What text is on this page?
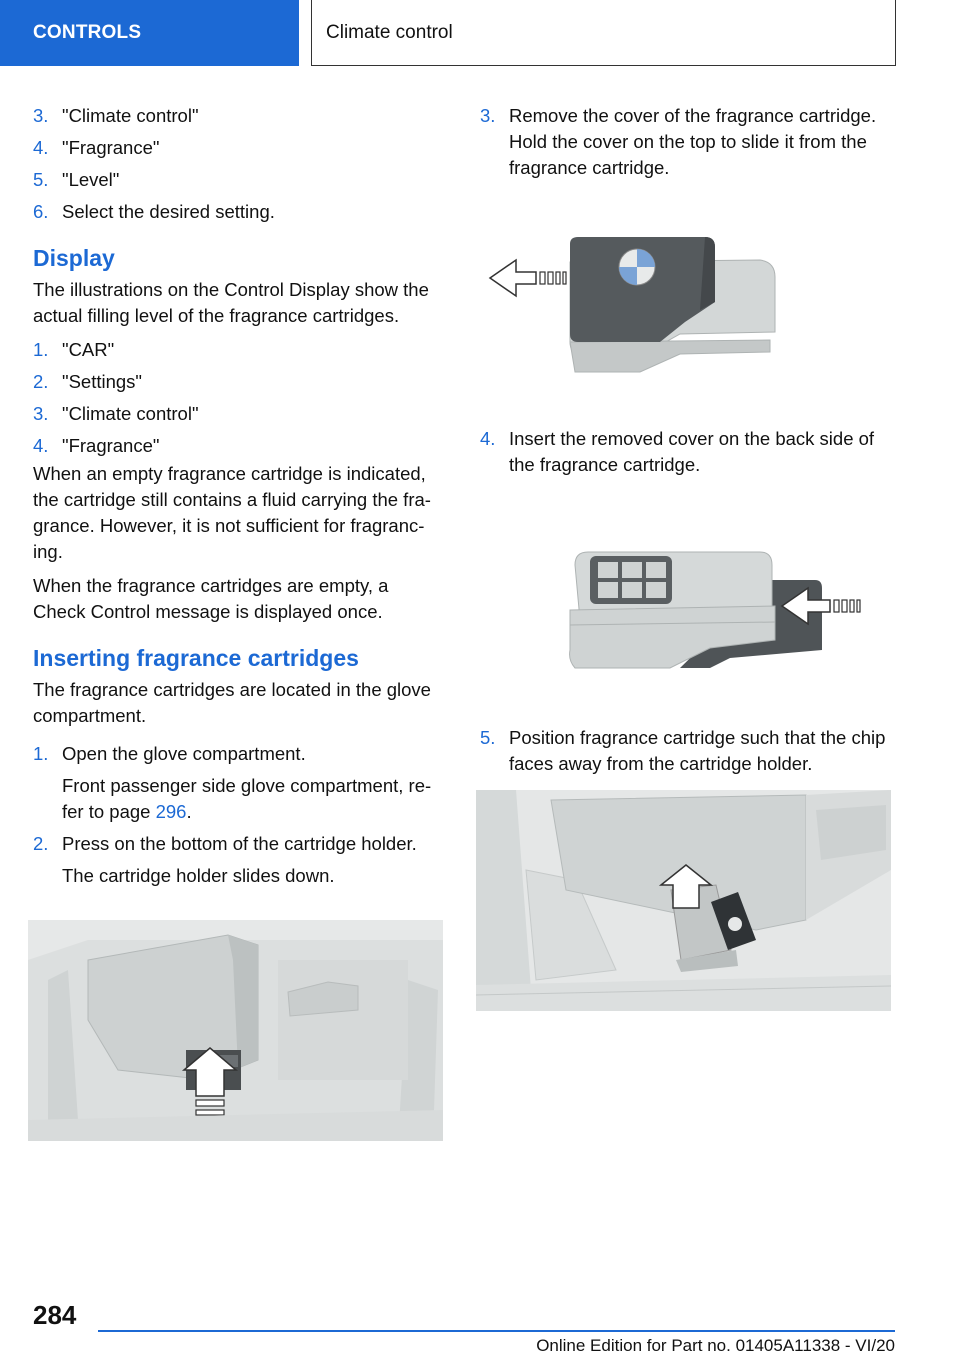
CONTROLS	Climate control
3. "Climate control"
4. "Fragrance"
5. "Level"
6. Select the desired setting.
Display

The illustrations on the Control Display show the actual filling level of the fragrance cartridges.

1. "CAR"
2. "Settings"
3. "Climate control"
4. "Fragrance"

When an empty fragrance cartridge is indicated, the cartridge still contains a fluid carrying the fragrance. However, it is not sufficient for fragrancing.

When the fragrance cartridges are empty, a Check Control message is displayed once.

Inserting fragrance cartridges

The fragrance cartridges are located in the glove compartment.

1. Open the glove compartment.
Front passenger side glove compartment, refer to page 296.
2. Press on the bottom of the cartridge holder.
The cartridge holder slides down.
3. Remove the cover of the fragrance cartridge. Hold the cover on the top to slide it from the fragrance cartridge.
4. Insert the removed cover on the back side of the fragrance cartridge.
5. Position fragrance cartridge such that the chip faces away from the cartridge holder.
284
Online Edition for Part no. 01405A11338 - VI/20
